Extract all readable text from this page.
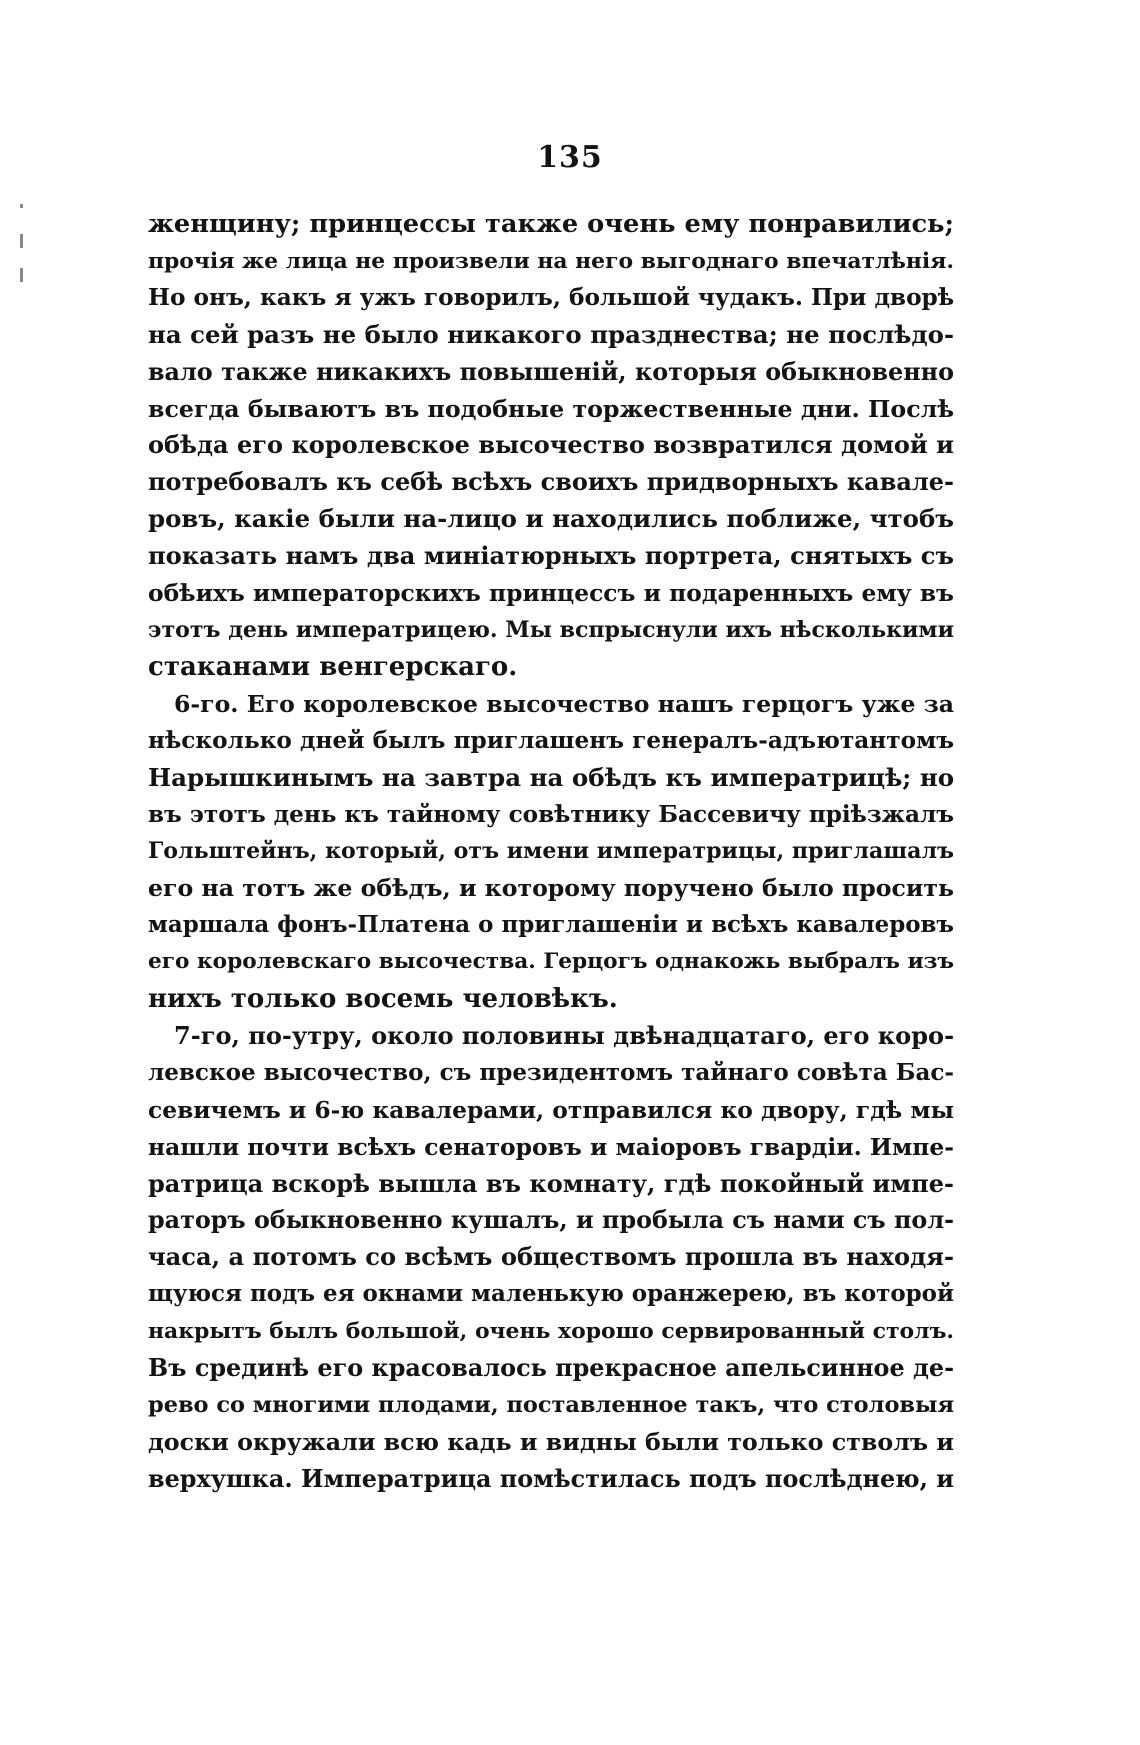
135
женщину; принцессы также очень ему понравились;
прочія же лица не произвели на него выгоднаго впечатлѣнія.
Но онъ, какъ я ужъ говорилъ, большой чудакъ. При дворѣ
на сей разъ не было никакого празднества; не послѣдо-
вало также никакихъ повышеній, которыя обыкновенно
всегда бываютъ въ подобные торжественные дни. Послѣ
обѣда его королевское высочество возвратился домой и
потребовалъ къ себѣ всѣхъ своихъ придворныхъ кавале-
ровъ, какіе были на-лицо и находились поближе, чтобъ
показать намъ два миніатюрныхъ портрета, снятыхъ съ
обѣихъ императорскихъ принцессъ и подаренныхъ ему въ
этотъ день императрицею. Мы вспрыснули ихъ нѣсколькими
стаканами венгерскаго.
6-го. Его королевское высочество нашъ герцогъ уже за
нѣсколько дней былъ приглашенъ генералъ-адъютантомъ
Нарышкинымъ на завтра на обѣдъ къ императрицѣ; но
въ этотъ день къ тайному совѣтнику Бассевичу пріѣзжалъ
Гольштейнъ, который, отъ имени императрицы, приглашалъ
его на тотъ же обѣдъ, и которому поручено было просить
маршала фонъ-Платена о приглашеніи и всѣхъ кавалеровъ
его королевскаго высочества. Герцогъ однакожь выбралъ изъ
нихъ только восемь человѣкъ.
7-го, по-утру, около половины двѣнадцатаго, его коро-
левское высочество, съ президентомъ тайнаго совѣта Бас-
севичемъ и 6-ю кавалерами, отправился ко двору, гдѣ мы
нашли почти всѣхъ сенаторовъ и маіоровъ гвардіи. Импе-
ратрица вскорѣ вышла въ комнату, гдѣ покойный импе-
раторъ обыкновенно кушалъ, и пробыла съ нами съ пол-
часа, а потомъ со всѣмъ обществомъ прошла въ находя-
щуюся подъ ея окнами маленькую оранжерею, въ которой
накрытъ былъ большой, очень хорошо сервированный столъ.
Въ срединѣ его красовалось прекрасное апельсинное де-
рево со многими плодами, поставленное такъ, что столовыя
доски окружали всю кадь и видны были только стволъ и
верхушка. Императрица помѣстилась подъ послѣднею, и
